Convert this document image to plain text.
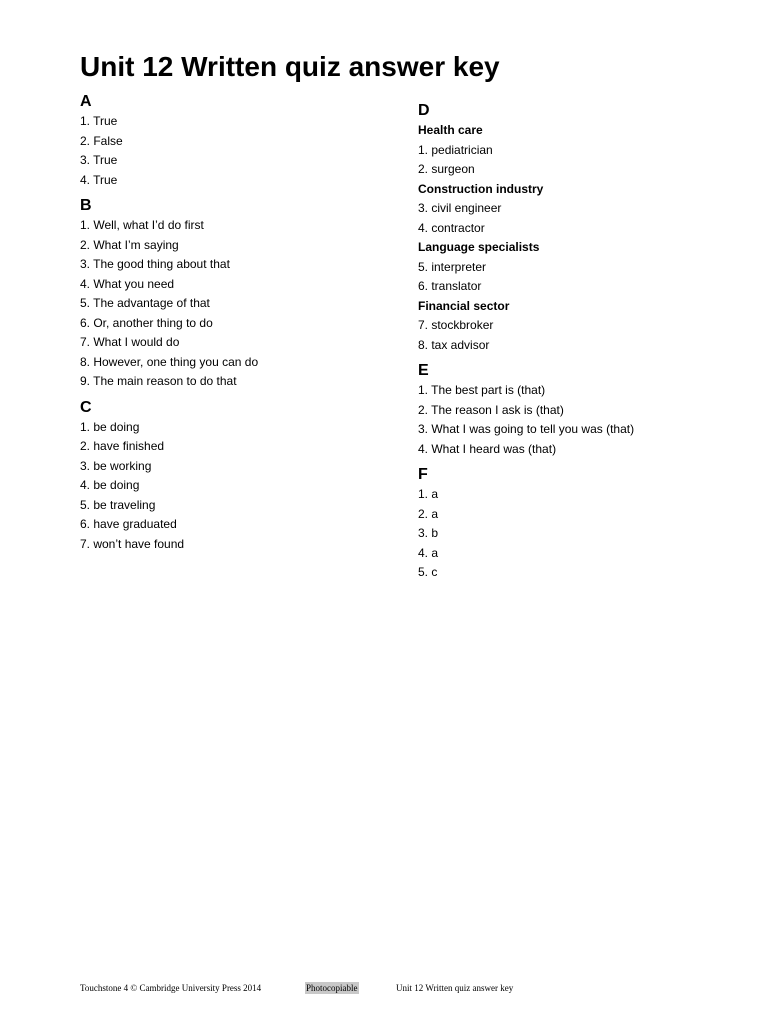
Unit 12 Written quiz answer key
A
1. True
2. False
3. True
4. True
B
1. Well, what I’d do first
2. What I’m saying
3. The good thing about that
4. What you need
5. The advantage of that
6. Or, another thing to do
7. What I would do
8. However, one thing you can do
9. The main reason to do that
C
1. be doing
2. have finished
3. be working
4. be doing
5. be traveling
6. have graduated
7. won’t have found
D
Health care
1. pediatrician
2. surgeon
Construction industry
3. civil engineer
4. contractor
Language specialists
5. interpreter
6. translator
Financial sector
7. stockbroker
8. tax advisor
E
1. The best part is (that)
2. The reason I ask is (that)
3. What I was going to tell you was (that)
4. What I heard was (that)
F
1. a
2. a
3. b
4. a
5. c
Touchstone 4 © Cambridge University Press 2014	Photocopiable	Unit 12 Written quiz answer key
